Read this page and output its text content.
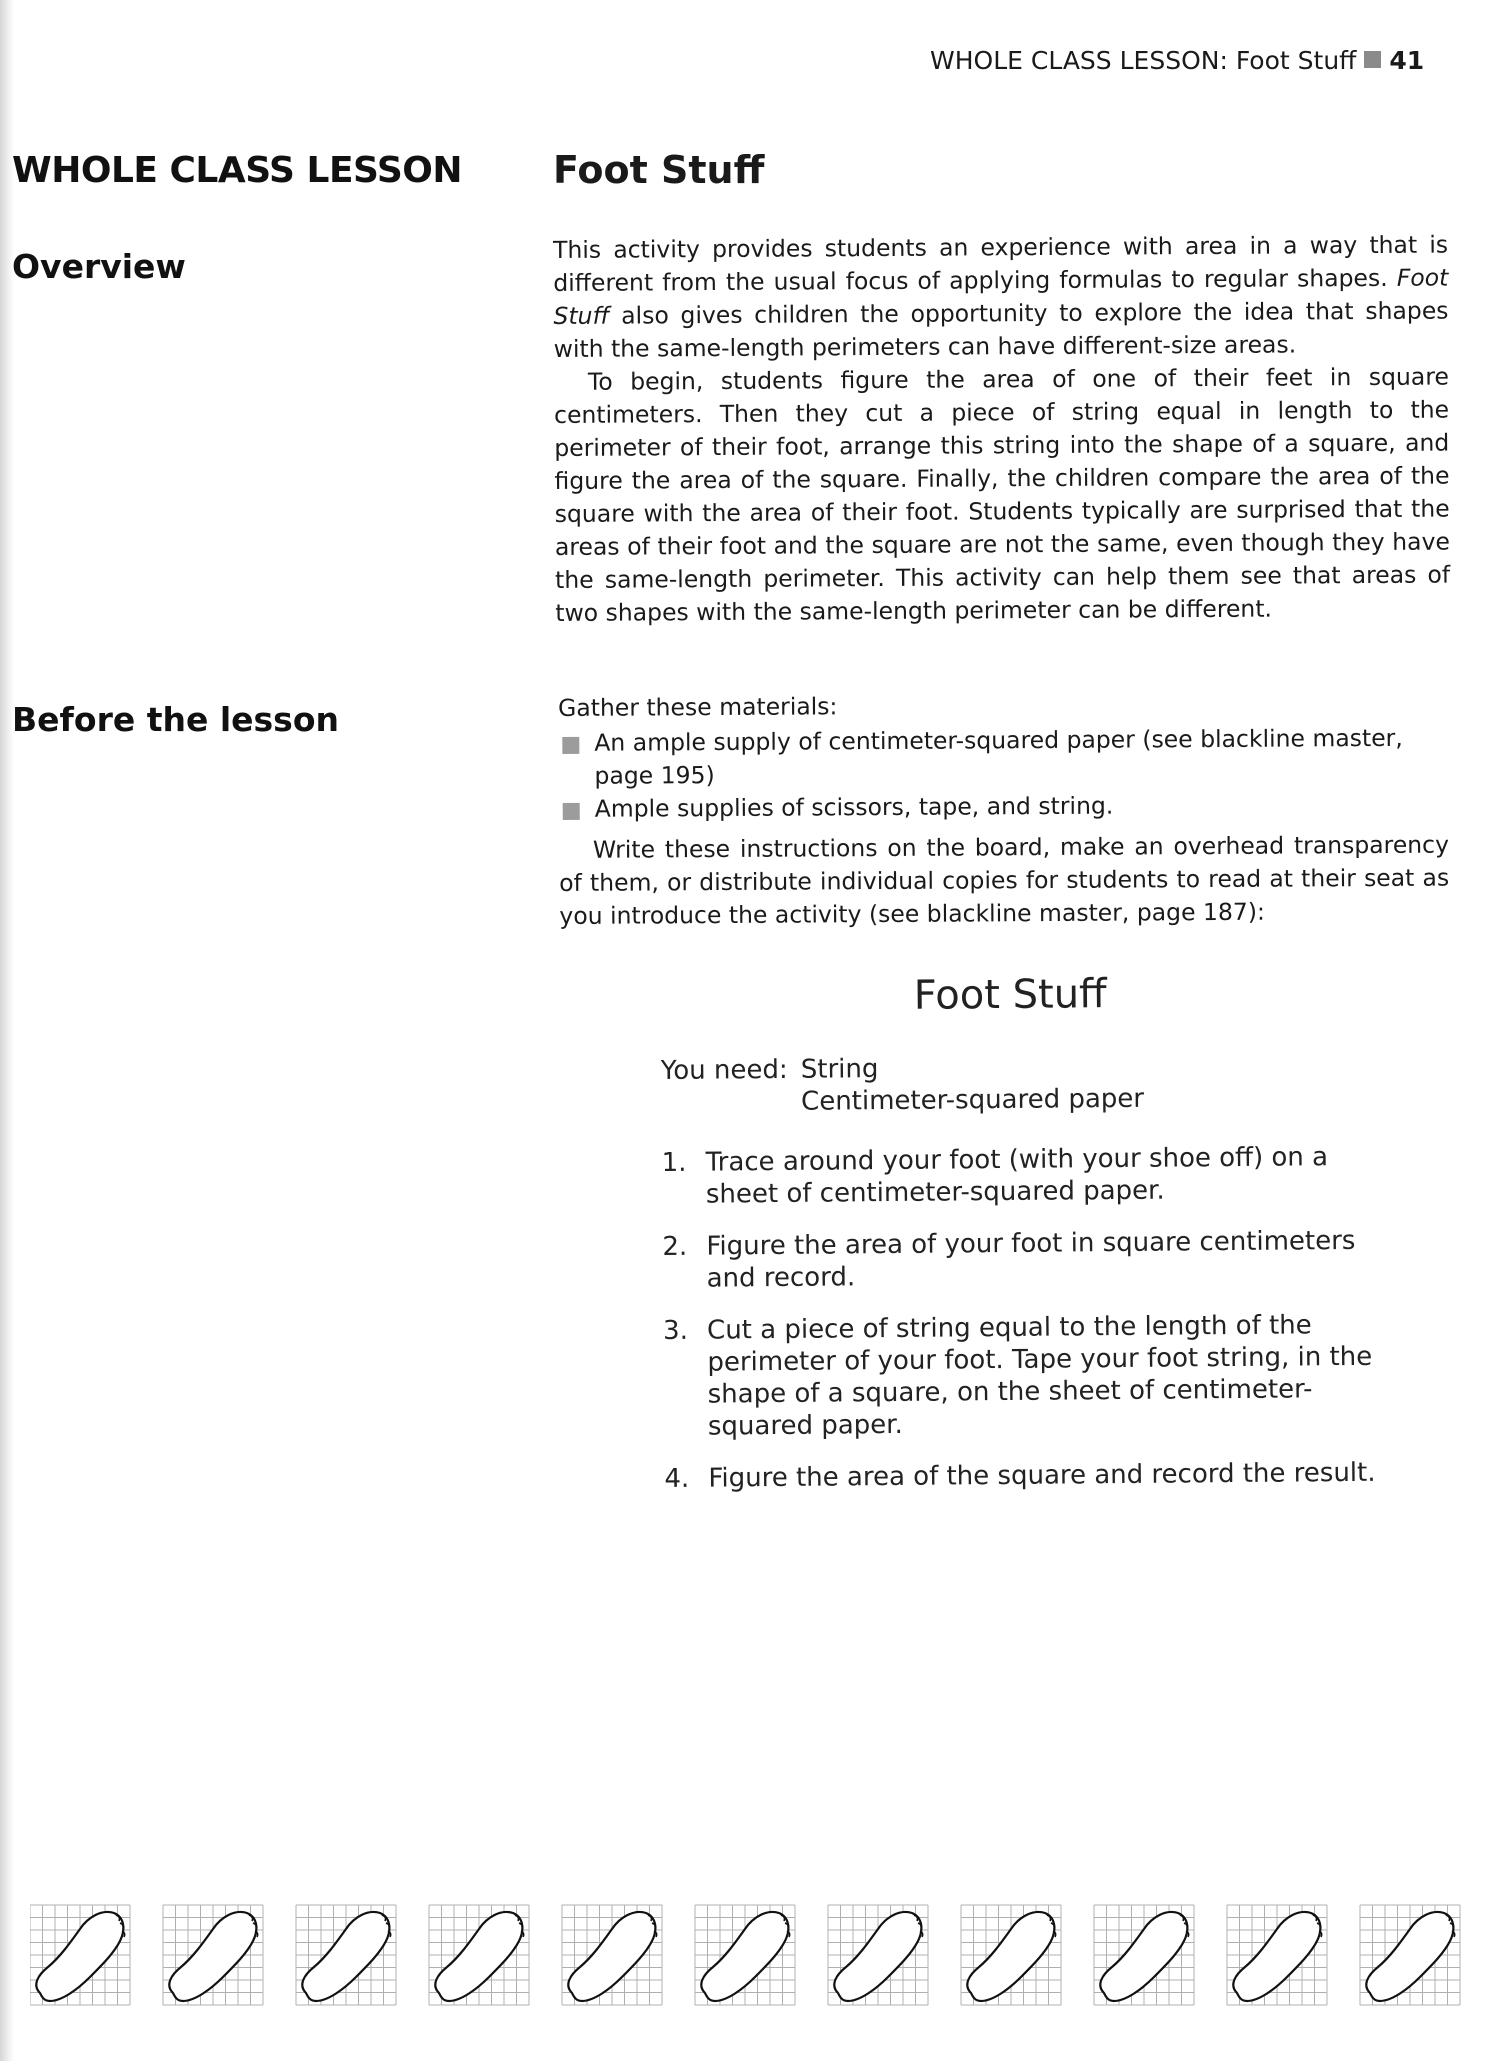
WHOLE CLASS LESSON: Foot Stuff 41
WHOLE CLASS LESSON Foot Stuff
Overview	This activity provides students an experience with area in a way that is different from the usual focus of applying formulas to regular shapes. Foot Stuff also gives children the opportunity to explore the idea that shapes with the same-length perimeters can have different-size areas.

To begin, students figure the area of one of their feet in square centimeters. Then they cut a piece of string equal in length to the perimeter of their foot, arrange this string into the shape of a square, and figure the area of the square. Finally, the children compare the area of the square with the area of their foot. Students typically are surprised that the areas of their foot and the square are not the same, even though they have the same-length perimeter. This activity can help them see that areas of two shapes with the same-length perimeter can be different.

Before the lesson	Gather these materials:

An ample supply of centimeter-squared paper (see blackline master, page 195)
Ample supplies of scissors, tape, and string.

Write these instructions on the board, make an overhead transparency of them, or distribute individual copies for students to read at their seat as you introduce the activity (see blackline master, page 187):

Foot Stuff
You need: String
Centimeter-squared paper
1. Trace around your foot (with your shoe off) on a sheet of centimeter-squared paper.
2. Figure the area of your foot in square centimeters and record.
3. Cut a piece of string equal to the length of the perimeter of your foot. Tape your foot string, in the shape of a square, on the sheet of centimeter-squared paper.
4. Figure the area of the square and record the result.
